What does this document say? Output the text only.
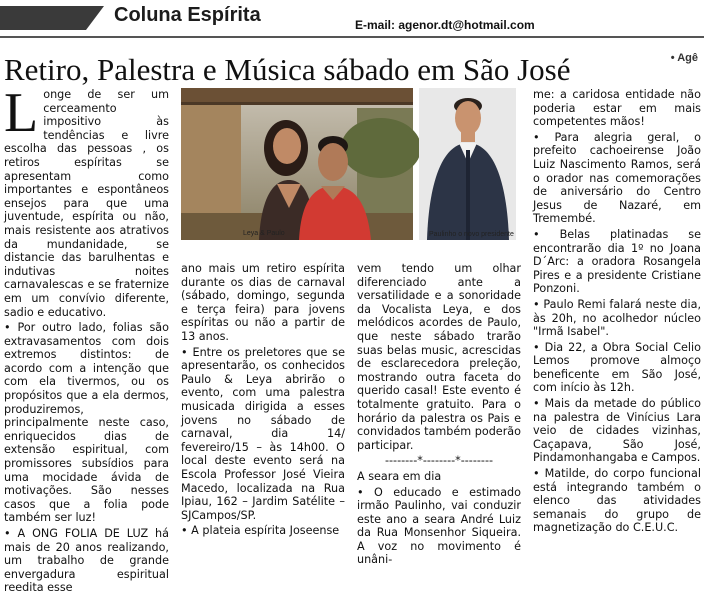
Coluna Espírita	E-mail: agenor.dt@hotmail.com
Retiro, Palestra e Música sábado em São José	• Agê

Longe de ser um cerceamento impositivo às tendências e livre escolha das pessoas , os retiros espíritas se apresentam como importantes e espontâneos ensejos para que uma juventude, espírita ou não, mais resistente aos atrativos da mundanidade, se distancie das barulhentas e indutivas noites carnavalescas e se fraternize em um convívio diferente, sadio e educativo.

• Por outro lado, folias são extravasamentos com dois extremos distintos: de acordo com a intenção que com ela tivermos, ou os propósitos que a ela dermos, produziremos, principalmente neste caso, enriquecidos dias de extensão espiritual, com promissores subsídios para uma mocidade ávida de motivações. São nesses casos que a folia pode também ser luz!

• A ONG FOLIA DE LUZ há mais de 20 anos realizando, um trabalho de grande envergadura espiritual reedita esse

Leya & Paulo	Paulinho o novo presidente

ano mais um retiro espírita durante os dias de carnaval (sábado, domingo, segunda e terça feira) para jovens espíritas ou não a partir de 13 anos.

• Entre os preletores que se apresentarão, os conhecidos Paulo & Leya abrirão o evento, com uma palestra musicada dirigida a esses jovens no sábado de carnaval, dia 14/ fevereiro/15 – às 14h00. O local deste evento será na Escola Professor José Vieira Macedo, localizada na Rua Ipiau, 162 – Jardim Satélite – SJCampos/SP.

• A plateia espírita Joseense

vem tendo um olhar diferenciado ante a versatilidade e a sonoridade da Vocalista Leya, e dos melódicos acordes de Paulo, que neste sábado trarão suas belas music, acrescidas de esclarecedora preleção, mostrando outra faceta do querido casal! Este evento é totalmente gratuito. Para o horário da palestra os Pais e convidados também poderão participar.

--------*--------*--------

A seara em dia

• O educado e estimado irmão Paulinho, vai conduzir este ano a seara André Luiz da Rua Monsenhor Siqueira. A voz no movimento é unâni-

me: a caridosa entidade não poderia estar em mais competentes mãos!

• Para alegria geral, o prefeito cachoeirense João Luiz Nascimento Ramos, será o orador nas comemorações de aniversário do Centro Jesus de Nazaré, em Tremembé.

• Belas platinadas se encontrarão dia 1º no Joana D´Arc: a oradora Rosangela Pires e a presidente Cristiane Ponzoni.

• Paulo Remi falará neste dia, às 20h, no acolhedor núcleo "Irmã Isabel".

• Dia 22, a Obra Social Celio Lemos promove almoço beneficente em São José, com início às 12h.

• Mais da metade do público na palestra de Vinícius Lara veio de cidades vizinhas, Caçapava, São José, Pindamonhangaba e Campos.

• Matilde, do corpo funcional está integrando também o elenco das atividades semanais do grupo de magnetização do C.E.U.C.
